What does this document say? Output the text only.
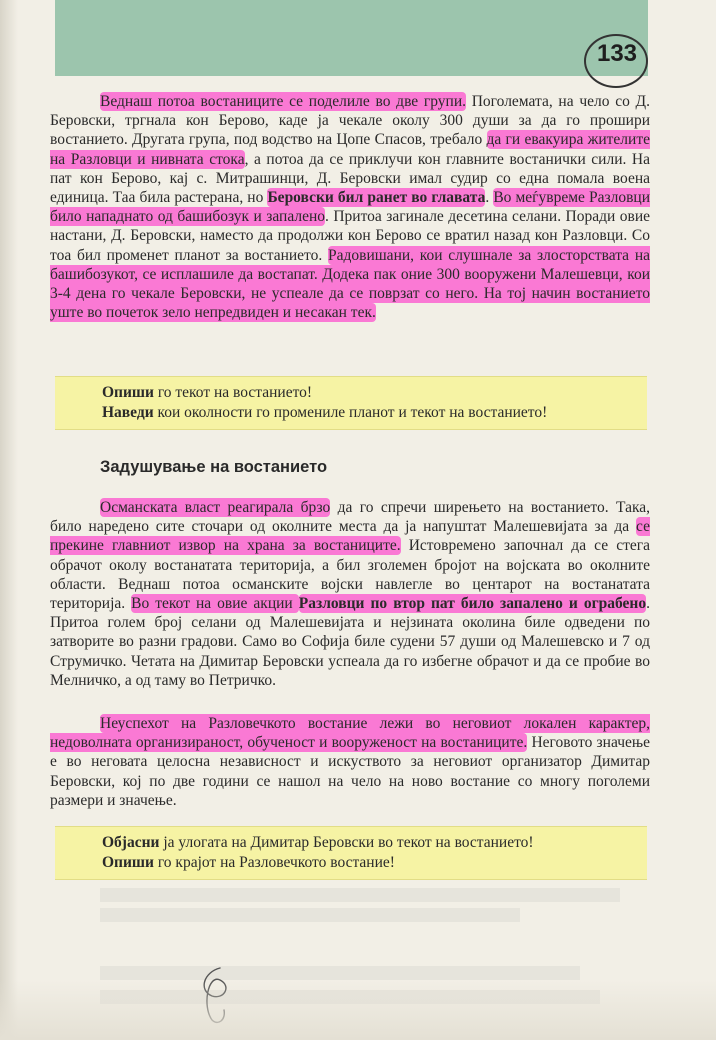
133

Веднаш потоа востаниците се поделиле во две групи. Поголемата, на чело со Д. Беровски, тргнала кон Берово, каде ја чекале околу 300 души за да го прошири востанието. Другата група, под водство на Цопе Спасов, требало да ги евакуира жителите на Разловци и нивната стока, а потоа да се приклучи кон главните востанички сили. На пат кон Берово, кај с. Митрашинци, Д. Беровски имал судир со една помала воена единица. Таа била растерана, но Беровски бил ранет во главата. Во меѓувреме Разловци било нападнато од башибозук и запалено. Притоа загинале десетина селани. Поради овие настани, Д. Беровски, наместо да продолжи кон Берово се вратил назад кон Разловци. Со тоа бил променет планот за востанието. Радовишани, кои слушнале за злосторствата на башибозукот, се исплашиле да востапат. Додека пак оние 300 вооружени Малешевци, кои 3-4 дена го чекале Беровски, не успеале да се поврзат со него. На тој начин востанието уште во почеток зело непредвиден и несакан тек.

Опиши го текот на востанието!
Наведи кои околности го промениле планот и текот на востанието!
Задушување на востанието

Османската власт реагирала брзо да го спречи ширењето на востанието. Така, било наредено сите сточари од околните места да ја напуштат Малешевијата за да се прекине главниот извор на храна за востаниците. Истовремено започнал да се стега обрачот околу востанатата територија, а бил зголемен бројот на војската во околните области. Веднаш потоа османските војски навлегле во центарот на востанатата територија. Во текот на овие акции Разловци по втор пат било запалено и ограбено. Притоа голем број селани од Малешевијата и нејзината околина биле одведени по затворите во разни градови. Само во Софија биле судени 57 души од Малешевско и 7 од Струмичко. Четата на Димитар Беровски успеала да го избегне обрачот и да се пробие во Мелничко, а од таму во Петричко.

Неуспехот на Разловечкото востание лежи во неговиот локален карактер, недоволната организираност, обученост и вооруженост на востаниците. Неговото значење е во неговата целосна независност и искуството за неговиот организатор Димитар Беровски, кој по две години се нашол на чело на ново востание со многу поголеми размери и значење.

Објасни ја улогата на Димитар Беровски во текот на востанието!
Опиши го крајот на Разловечкото востание!
